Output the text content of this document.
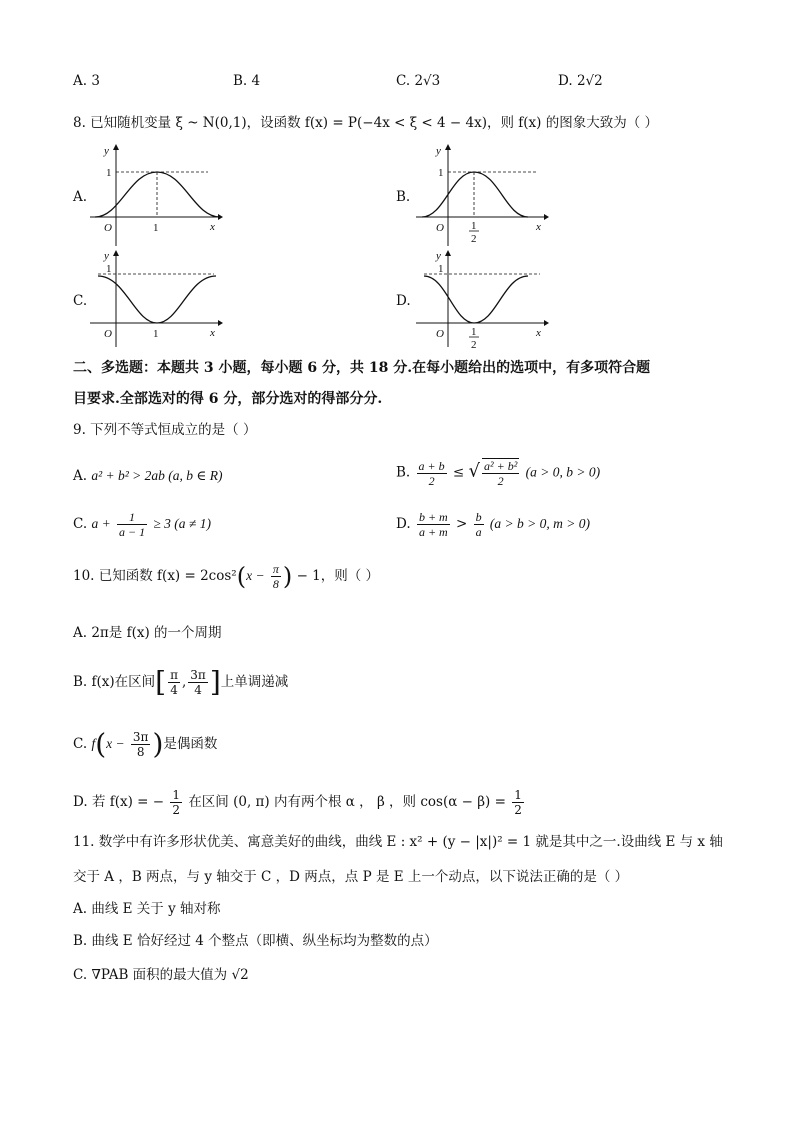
A. 3	B. 4	C. 2√3	D. 2√2
8. 已知随机变量 ξ ~ N(0,1)，设函数 f(x) = P(−4x < ξ < 4 − 4x)，则 f(x) 的图象大致为（ ）
A.
y
x
O
1
1
B.
y
x
O
1
1
2
C.
y
x
O
1
1
D.
y
x
O
1
1
2
二、多选题：本题共 3 小题，每小题 6 分，共 18 分.在每小题给出的选项中，有多项符合题
目要求.全部选对的得 6 分，部分选对的得部分分.
9. 下列不等式恒成立的是（ ）
A. a² + b² > 2ab (a, b ∈ R)	B. $\frac{a + b}{2}$ ≤ √ $\frac{\text{a² + b²}}{2} (a > 0$, b > 0)
C. $a + \frac{1}{a - 1} \ge 3$ (a ≠ 1)	D. $\frac{b + m}{a + m} > \frac{b}{a} (a > b > 0$, m > 0)
10. 已知函数 $f(x) = 2\cos^2(x - \frac{\pi}{8}$ ) − 1，则（ ）
A. 2π是 f(x) 的一个周期
B. f(x)在区间[ $\frac{\pi}{4}$ , $\frac{3\pi}{4}$ ]上单调递减
C. $f(x - \frac{3\pi}{8}$ )是偶函数
D. 若 f(x) = − $\frac{1}{2}$ 在区间 (0, π) 内有两个根 α ， β ，则 $\cos(\alpha - \beta) = \frac{1}{2}$
11. 数学中有许多形状优美、寓意美好的曲线，曲线 E : x² + (y − |x|)² = 1 就是其中之一.设曲线 E 与 x 轴
交于 A ，B 两点，与 y 轴交于 C ，D 两点，点 P 是 E 上一个动点，以下说法正确的是（ ）
A. 曲线 E 关于 y 轴对称
B. 曲线 E 恰好经过 4 个整点（即横、纵坐标均为整数的点）
C. ∇PAB 面积的最大值为 √2
